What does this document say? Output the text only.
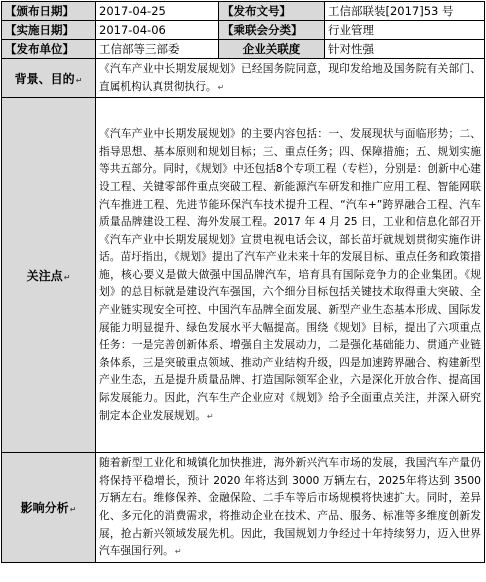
【颁布日期】	2017-04-25	【发布文号】	工信部联装[2017]53 号
【实施日期】	2017-04-06	【乘联会分类】	行业管理
【发布单位】	工信部等三部委	企业关联度	针对性强
背景、目的↵	《汽车产业中长期发展规划》已经国务院同意，现印发给地及国务院有关部门、直属机构认真贯彻执行。↵		
关注点↵	《汽车产业中长期发展规划》的主要内容包括：一、发展现状与面临形势；二、指导思想、基本原则和规划目标；三、重点任务；四、保障措施；五、规划实施等共五部分。同时，《规划》中还包括8个专项工程（专栏），分别是：创新中心建设工程、关键零部件重点突破工程、新能源汽车研发和推广应用工程、智能网联汽车推进工程、先进节能环保汽车技术提升工程、“汽车+”跨界融合工程、汽车质量品牌建设工程、海外发展工程。2017 年 4 月 25 日，工业和信息化部召开《汽车产业中长期发展规划》宣贯电视电话会议，部长苗圩就规划贯彻实施作讲话。苗圩指出，《规划》提出了汽车产业未来十年的发展目标、重点任务和政策措施，核心要义是做大做强中国品牌汽车，培育具有国际竞争力的企业集团。《规划》的总目标就是建设汽车强国，六个细分目标包括关键技术取得重大突破、全产业链实现安全可控、中国汽车品牌全面发展、新型产业生态基本形成、国际发展能力明显提升、绿色发展水平大幅提高。围绕《规划》目标，提出了六项重点任务：一是完善创新体系、增强自主发展动力，二是强化基础能力、贯通产业链条体系，三是突破重点领域、推动产业结构升级，四是加速跨界融合、构建新型产业生态，五是提升质量品牌、打造国际领军企业，六是深化开放合作、提高国际发展能力。因此，汽车生产企业应对《规划》给予全面重点关注，并深入研究制定本企业发展规划。↵		
影响分析↵	随着新型工业化和城镇化加快推进，海外新兴汽车市场的发展，我国汽车产量仍将保持平稳增长，预计 2020 年将达到 3000 万辆左右，2025年将达到 3500 万辆左右。维修保养、金融保险、二手车等后市场规模将快速扩大。同时，差异化、多元化的消费需求，将推动企业在技术、产品、服务、标准等多维度创新发展，抢占新兴领域发展先机。因此，我国规划力争经过十年持续努力，迈入世界汽车强国行列。↵		
